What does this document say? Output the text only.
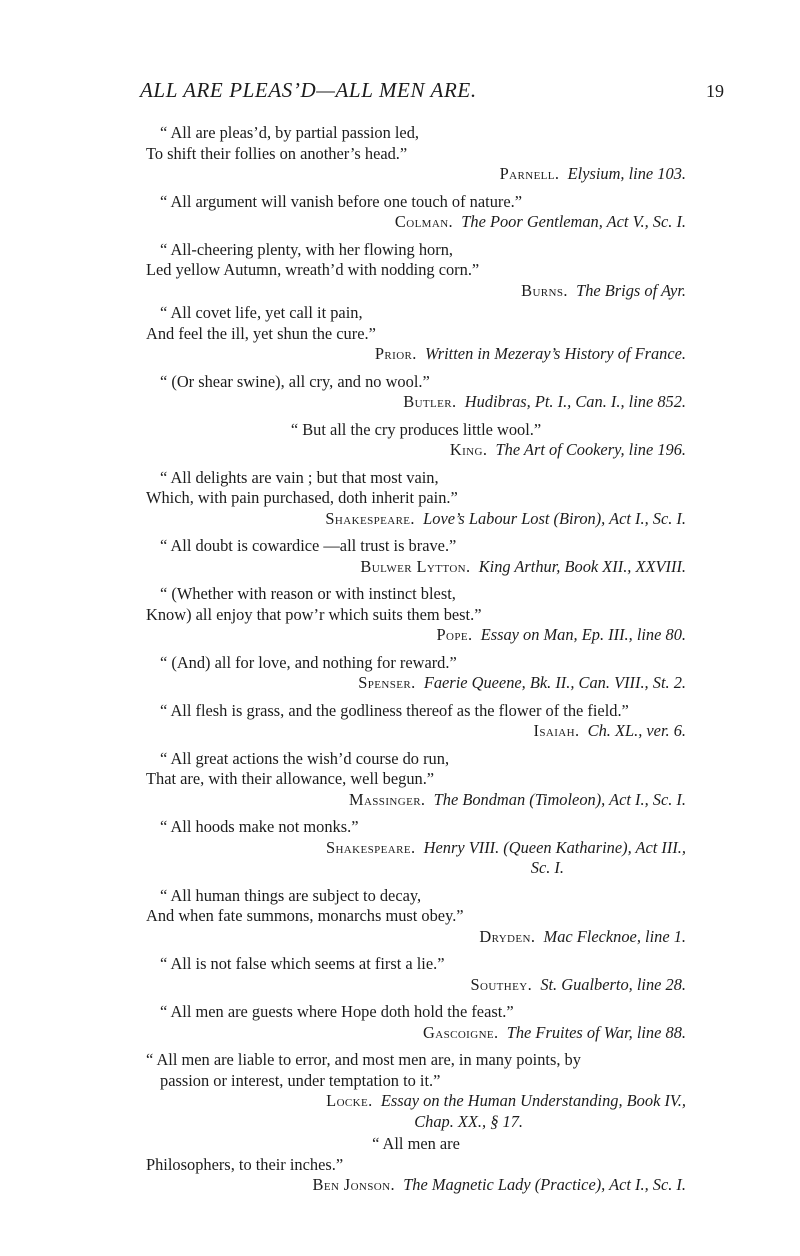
ALL ARE PLEAS’D—ALL MEN ARE.	19
“ All are pleas’d, by partial passion led,
To shift their follies on another’s head.”
Parnell. Elysium, line 103.
“ All argument will vanish before one touch of nature.”
Colman. The Poor Gentleman, Act V., Sc. I.
“ All-cheering plenty, with her flowing horn,
Led yellow Autumn, wreath’d with nodding corn.”
Burns. The Brigs of Ayr.
“ All covet life, yet call it pain,
And feel the ill, yet shun the cure.”
Prior. Written in Mezeray’s History of France.
“ (Or shear swine), all cry, and no wool.”
Butler. Hudibras, Pt. I., Can. I., line 852.
“ But all the cry produces little wool.”
King. The Art of Cookery, line 196.
“ All delights are vain ; but that most vain,
Which, with pain purchased, doth inherit pain.”
Shakespeare. Love’s Labour Lost (Biron), Act I., Sc. I.
“ All doubt is cowardice —all trust is brave.”
Bulwer Lytton. King Arthur, Book XII., XXVIII.
“ (Whether with reason or with instinct blest,
Know) all enjoy that pow’r which suits them best.”
Pope. Essay on Man, Ep. III., line 80.
“ (And) all for love, and nothing for reward.”
Spenser. Faerie Queene, Bk. II., Can. VIII., St. 2.
“ All flesh is grass, and the godliness thereof as the flower of the field.”
Isaiah. Ch. XL., ver. 6.
“ All great actions the wish’d course do run,
That are, with their allowance, well begun.”
Massinger. The Bondman (Timoleon), Act I., Sc. I.
“ All hoods make not monks.”
Shakespeare. Henry VIII. (Queen Katharine), Act III.,
Sc. I.
“ All human things are subject to decay,
And when fate summons, monarchs must obey.”
Dryden. Mac Flecknoe, line 1.
“ All is not false which seems at first a lie.”
Southey. St. Gualberto, line 28.
“ All men are guests where Hope doth hold the feast.”
Gascoigne. The Fruites of War, line 88.
“ All men are liable to error, and most men are, in many points, by
passion or interest, under temptation to it.”
Locke. Essay on the Human Understanding, Book IV.,
Chap. XX., § 17.
“ All men are
Philosophers, to their inches.”
Ben Jonson. The Magnetic Lady (Practice), Act I., Sc. I.
